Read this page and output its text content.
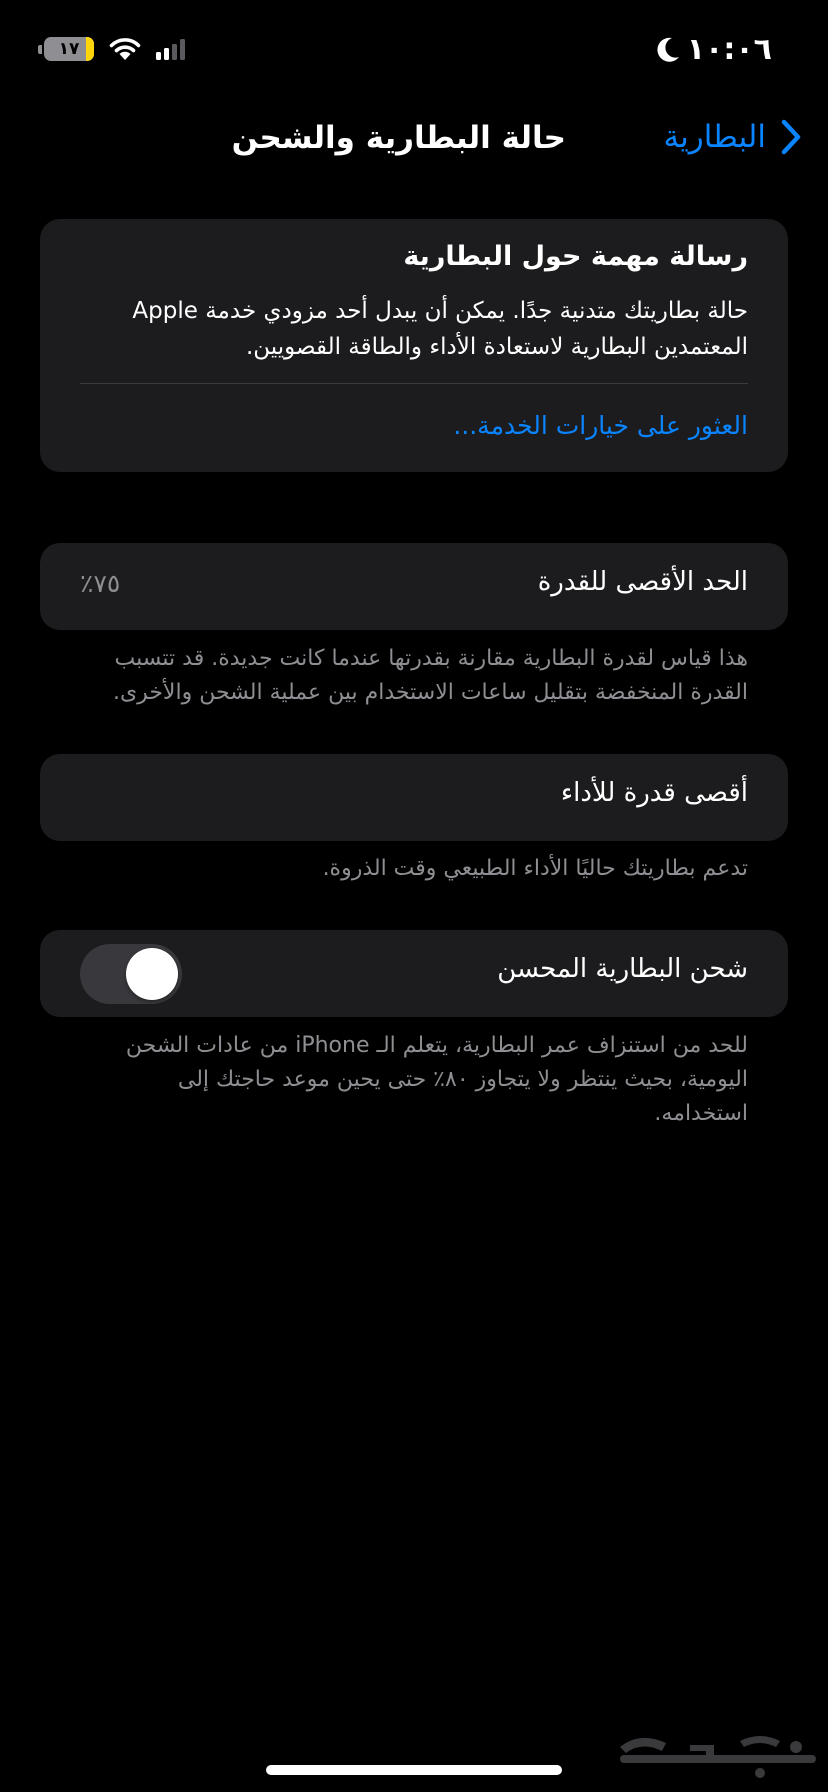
١٠:٠٦
١٧
البطارية
حالة البطارية والشحن
رسالة مهمة حول البطارية
حالة بطاريتك متدنية جدًا. يمكن أن يبدل أحد مزودي خدمة Apple المعتمدين البطارية لاستعادة الأداء والطاقة القصويين.
العثور على خيارات الخدمة...
الحد الأقصى للقدرة
٧٥٪
هذا قياس لقدرة البطارية مقارنة بقدرتها عندما كانت جديدة. قد تتسبب القدرة المنخفضة بتقليل ساعات الاستخدام بين عملية الشحن والأخرى.
أقصى قدرة للأداء
تدعم بطاريتك حاليًا الأداء الطبيعي وقت الذروة.
شحن البطارية المحسن
للحد من استنزاف عمر البطارية، يتعلم الـ iPhone من عادات الشحن اليومية، بحيث ينتظر ولا يتجاوز ٨٠٪ حتى يحين موعد حاجتك إلى استخدامه.
